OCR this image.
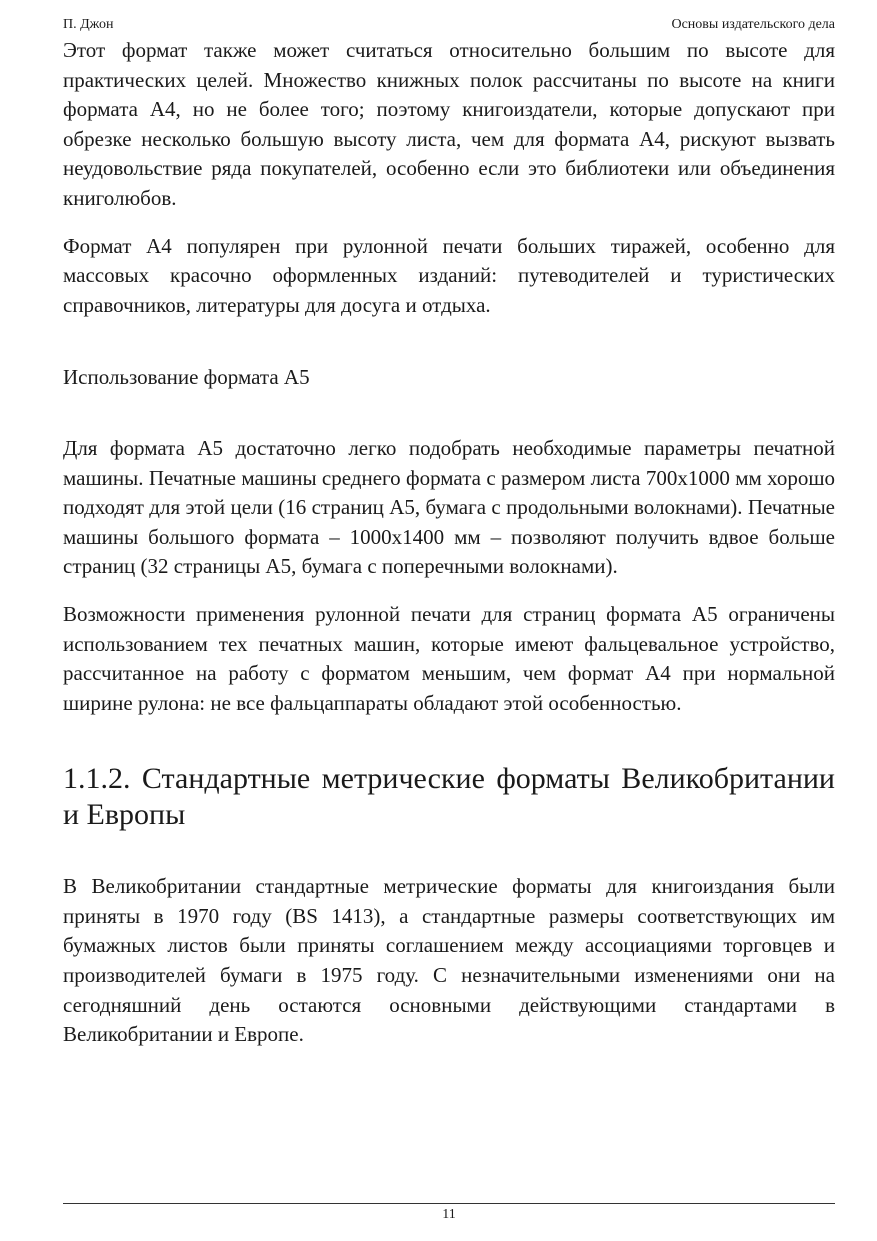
П. Джон	Основы издательского дела

Этот формат также может считаться относительно большим по высоте для практических целей. Множество книжных полок рассчитаны по высоте на книги формата А4, но не более того; поэтому книгоиздатели, которые допускают при обрезке несколько большую высоту листа, чем для формата А4, рискуют вызвать неудовольствие ряда покупателей, особенно если это библиотеки или объединения книголюбов.

Формат А4 популярен при рулонной печати больших тиражей, особенно для массовых красочно оформленных изданий: путеводителей и туристических справочников, литературы для досуга и отдыха.

Использование формата А5

Для формата А5 достаточно легко подобрать необходимые параметры печатной машины. Печатные машины среднего формата с размером листа 700x1000 мм хорошо подходят для этой цели (16 страниц А5, бумага с продольными волокнами). Печатные машины большого формата – 1000x1400 мм – позволяют получить вдвое больше страниц (32 страницы А5, бумага с поперечными волокнами).

Возможности применения рулонной печати для страниц формата А5 ограничены использованием тех печатных машин, которые имеют фальцевальное устройство, рассчитанное на работу с форматом меньшим, чем формат А4 при нормальной ширине рулона: не все фальцаппараты обладают этой особенностью.

1.1.2. Стандартные метрические форматы Великобритании и Европы

В Великобритании стандартные метрические форматы для книгоиздания были приняты в 1970 году (BS 1413), а стандартные размеры соответствующих им бумажных листов были приняты соглашением между ассоциациями торговцев и производителей бумаги в 1975 году. С незначительными изменениями они на сегодняшний день остаются основными действующими стандартами в Великобритании и Европе.

11
